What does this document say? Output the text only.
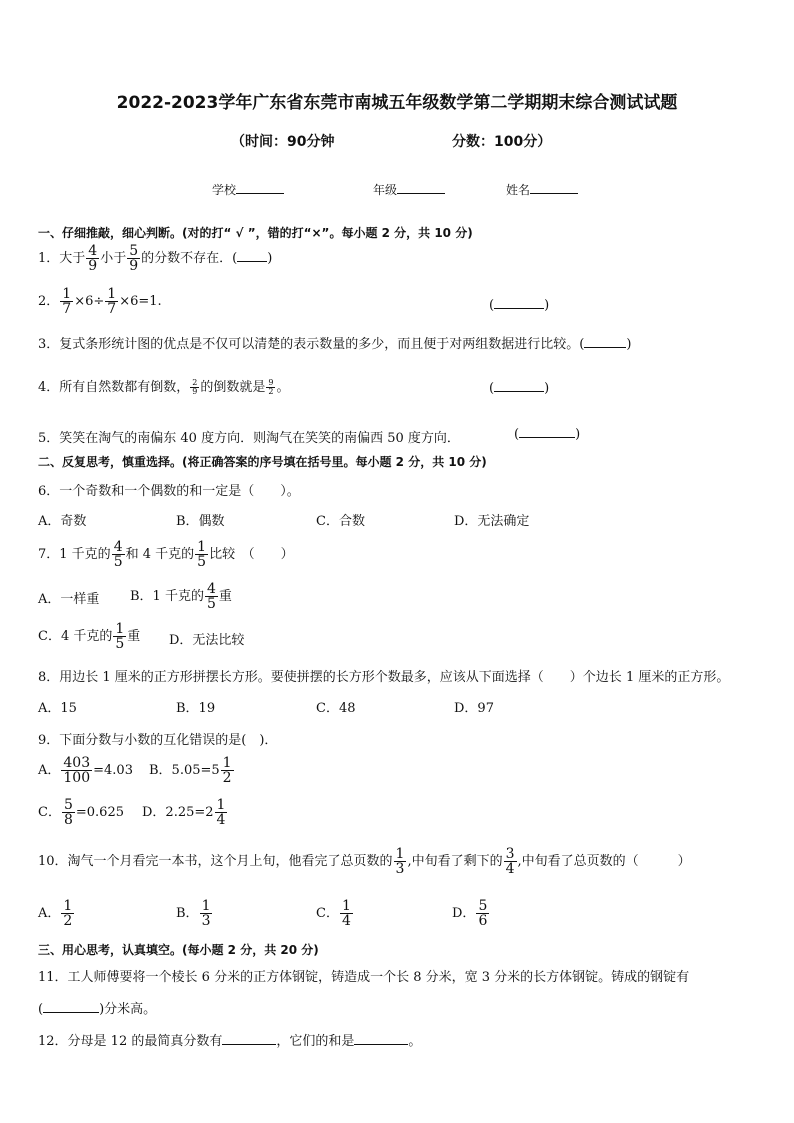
2022-2023学年广东省东莞市南城五年级数学第二学期期末综合测试试题
（时间：90分钟	分数：100分）
学校	年级	姓名
一、仔细推敲，细心判断。(对的打“ √ ”，错的打“×”。每小题 2 分，共 10 分)
1．大于 $\frac{4}{9}$ 小于 $\frac{5}{9}$ 的分数不存在．( )
2． $\frac{1}{7} \times 6\div \frac{1}{7} \times 6=1$.	(	)
3．复式条形统计图的优点是不仅可以清楚的表示数量的多少，而且便于对两组数据进行比较。(	)
4．所有自然数都有倒数， $\frac{2}{9}$ 的倒数就是 $\frac{9}{2}$ 。	(	)
5．笑笑在淘气的南偏东 40 度方向．则淘气在笑笑的南偏西 50 度方向．	(	)
二、反复思考，慎重选择。(将正确答案的序号填在括号里。每小题 2 分，共 10 分)
6．一个奇数和一个偶数的和一定是（　　）。
A．奇数	B．偶数	C．合数	D．无法确定
7．1 千克的 $\frac{4}{5}$ 和 4 千克的 $\frac{1}{5}$ 比较　（　　）
A．一样重 B．1 千克的 $\frac{4}{5}$ 重
C．4 千克的 $\frac{1}{5}$ 重 D．无法比较
8．用边长 1 厘米的正方形拼摆长方形。要使拼摆的长方形个数最多，应该从下面选择（　　）个边长 1 厘米的正方形。
A．15	B．19	C．48	D．97
9．下面分数与小数的互化错误的是(　)．
A． $\frac{403}{100} =4.03$ B．$5.05=5 \frac{1}{2}$
C． $\frac{5}{8} =0.625$ D．$2.25=2 \frac{1}{4}$
10．淘气一个月看完一本书，这个月上旬，他看完了总页数的 $\frac{1}{3}$ ,中旬看了剩下的 $\frac{3}{4}$ ,中旬看了总页数的（　　　）
A． $\frac{1}{2}$	B． $\frac{1}{3}$	C． $\frac{1}{4}$	D． $\frac{5}{6}$
三、用心思考，认真填空。(每小题 2 分，共 20 分)
11．工人师傅要将一个棱长 6 分米的正方体钢锭，铸造成一个长 8 分米，宽 3 分米的长方体钢锭。铸成的钢锭有
(	)分米高。
12．分母是 12 的最简真分数有	，它们的和是	。
